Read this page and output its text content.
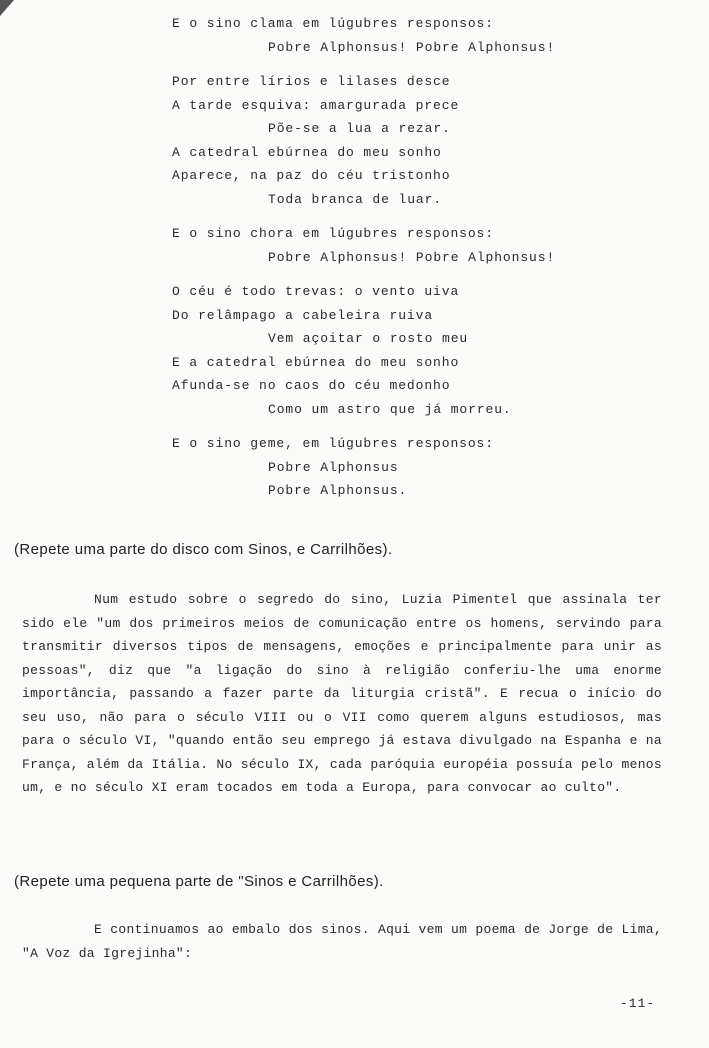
E o sino clama em lúgubres responsos:
Pobre Alphonsus! Pobre Alphonsus!
Por entre lírios e lilases desce
A tarde esquiva: amargurada prece
Põe-se a lua a rezar.
A catedral ebúrnea do meu sonho
Aparece, na paz do céu tristonho
Toda branca de luar.
E o sino chora em lúgubres responsos:
Pobre Alphonsus! Pobre Alphonsus!
O céu é todo trevas: o vento uiva
Do relâmpago a cabeleira ruiva
Vem açoitar o rosto meu
E a catedral ebúrnea do meu sonho
Afunda-se no caos do céu medonho
Como um astro que já morreu.
E o sino geme, em lúgubres responsos:
Pobre Alphonsus
Pobre Alphonsus.
(Repete uma parte do disco com Sinos, e Carrilhões).
Num estudo sobre o segredo do sino, Luzia Pimentel que assinala ter sido ele "um dos primeiros meios de comunicação entre os homens, servindo para transmitir diversos tipos de mensagens, emoções e principalmente para unir as pessoas", diz que "a ligação do sino à religião conferiu-lhe uma enorme importância, passando a fazer parte da liturgia cristã". E recua o início do seu uso, não para o século VIII ou o VII como querem alguns estudiosos, mas para o século VI, "quando então seu emprego já estava divulgado na Espanha e na França, além da Itália. No século IX, cada paróquia européia possuía pelo menos um, e no século XI eram tocados em toda a Europa, para convocar ao culto".
(Repete uma pequena parte de "Sinos e Carrilhões).
E continuamos ao embalo dos sinos. Aqui vem um poema de Jorge de Lima, "A Voz da Igrejinha":
-11-
